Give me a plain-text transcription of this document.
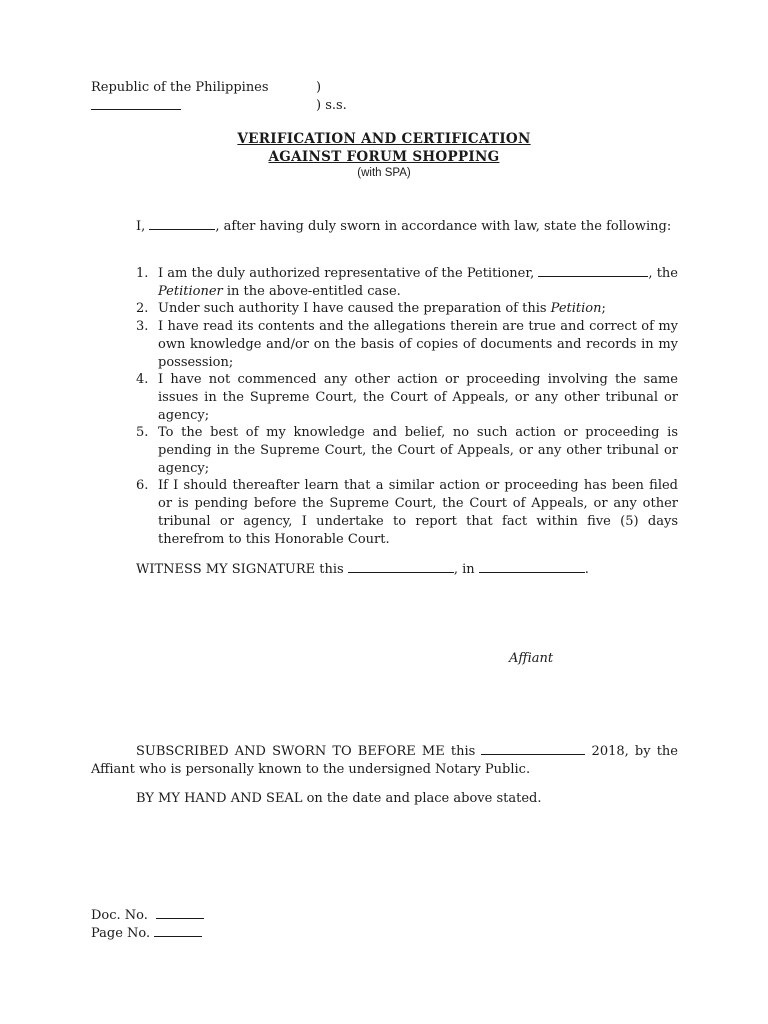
Republic of the Philippines	)
) s.s.
VERIFICATION AND CERTIFICATION
AGAINST FORUM SHOPPING
(with SPA)
I,	, after having duly sworn in accordance with law, state the following:
1. I am the duly authorized representative of the Petitioner,	, the Petitioner in the above-entitled case.
2. Under such authority I have caused the preparation of this Petition;
3. I have read its contents and the allegations therein are true and correct of my own knowledge and/or on the basis of copies of documents and records in my possession;
4. I have not commenced any other action or proceeding involving the same issues in the Supreme Court, the Court of Appeals, or any other tribunal or agency;
5. To the best of my knowledge and belief, no such action or proceeding is pending in the Supreme Court, the Court of Appeals, or any other tribunal or agency;
6. If I should thereafter learn that a similar action or proceeding has been filed or is pending before the Supreme Court, the Court of Appeals, or any other tribunal or agency, I undertake to report that fact within five (5) days therefrom to this Honorable Court.
WITNESS MY SIGNATURE this	, in	.
Affiant
SUBSCRIBED AND SWORN TO BEFORE ME this	2018, by the Affiant who is personally known to the undersigned Notary Public.
BY MY HAND AND SEAL on the date and place above stated.
Doc. No.
Page No.
